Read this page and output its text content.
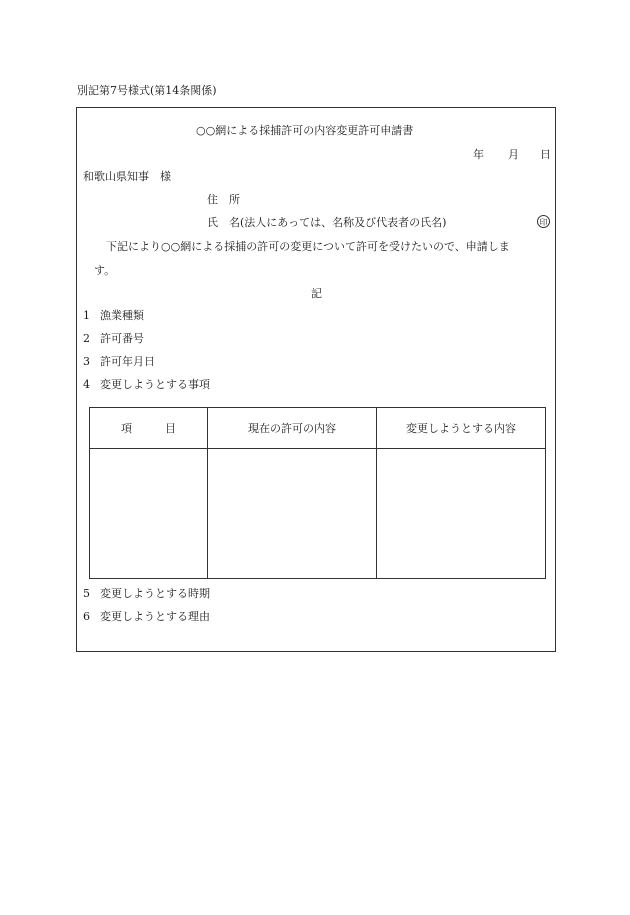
別記第7号様式(第14条関係)
○○網による採捕許可の内容変更許可申請書
年 月 日
和歌山県知事　様
住　所
氏　名(法人にあっては、名称及び代表者の氏名)	印
下記により○○網による採捕の許可の変更について許可を受けたいので、申請しま
す。
記
1 漁業種類
2 許可番号
3 許可年月日
4 変更しようとする事項
項　　　目	現在の許可の内容	変更しようとする内容

5 変更しようとする時期
6 変更しようとする理由
